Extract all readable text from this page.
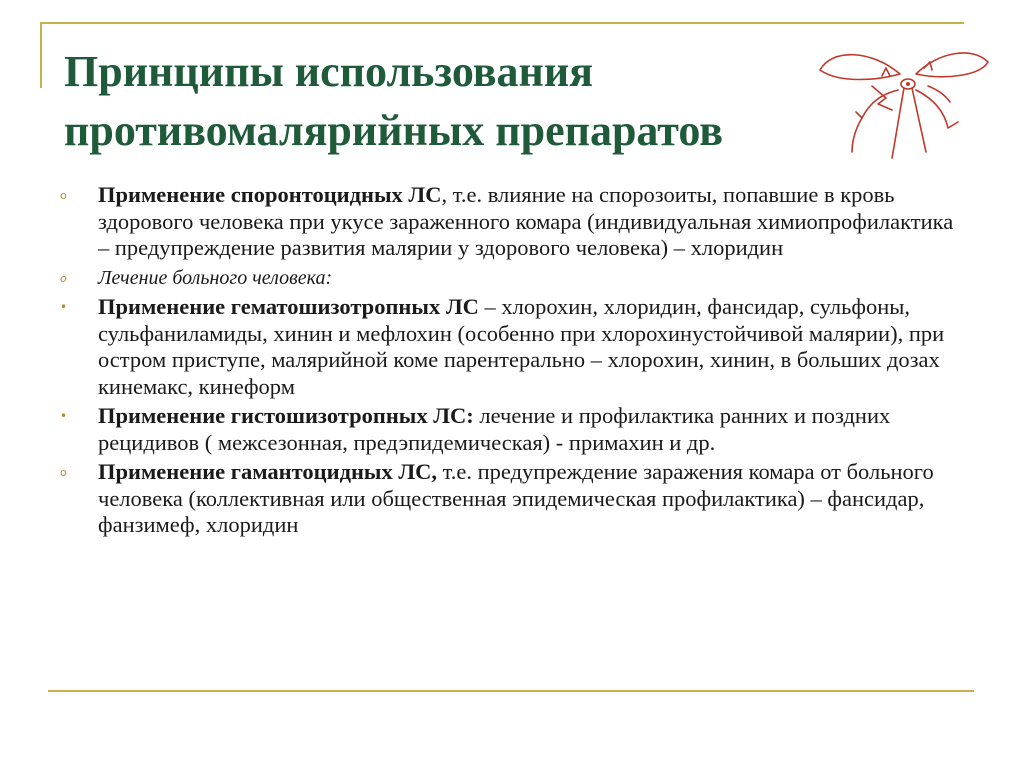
Принципы использования
противомалярийных препаратов
o	Применение спорoнтоцидных ЛС, т.е. влияние на спорозоиты, попавшие в кровь здорового человека при укусе зараженного комара (индивидуальная химиопрофилактика – предупреждение развития малярии у здорового человека) – хлоридин
o	Лечение больного человека:
•	Применение гематошизотропных ЛС – хлорохин, хлоридин, фансидар, сульфоны, сульфаниламиды, хинин и мефлохин (особенно при хлорохинустойчивой малярии), при остром приступе, малярийной коме парентерально – хлорохин, хинин, в больших дозах кинемакс, кинеформ
•	Применение гистошизотропных ЛС: лечение и профилактика ранних и поздних рецидивов ( межсезонная, предэпидемическая) - примахин и др.
o	Применение гамантоцидных ЛС, т.е. предупреждение заражения комара от больного человека (коллективная или общественная эпидемическая профилактика) – фансидар, фанзимеф, хлоридин
